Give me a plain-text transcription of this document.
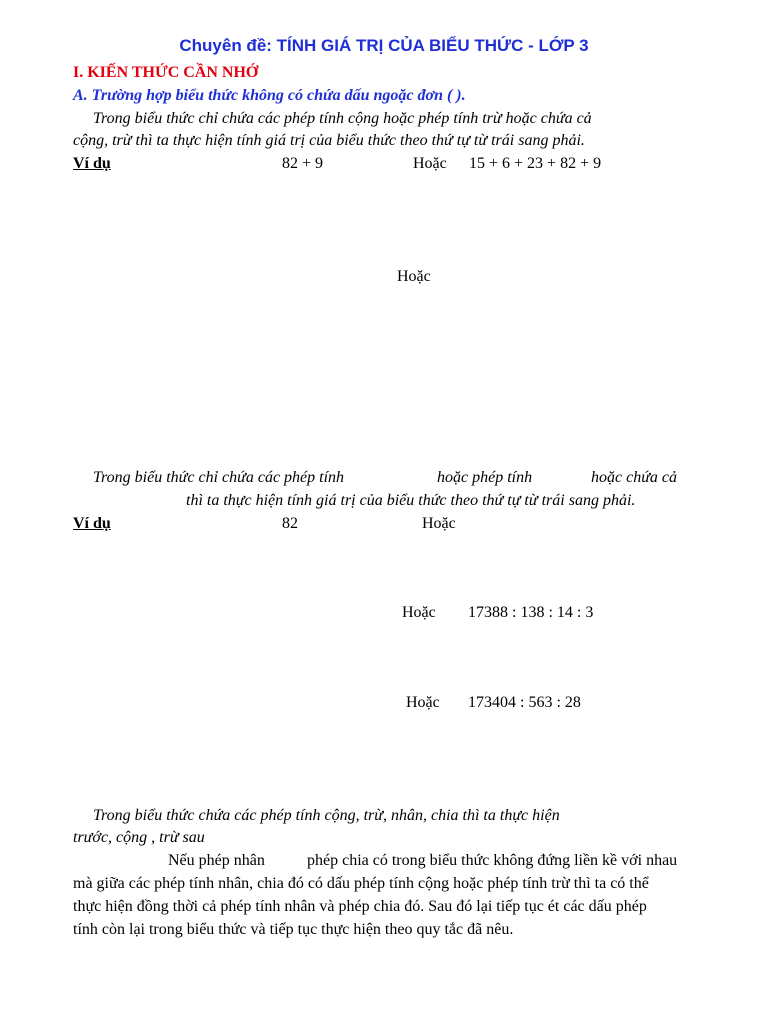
Chuyên đề: TÍNH GIÁ TRỊ CỦA BIỂU THỨC - LỚP 3
I. KIẾN THỨC CẦN NHỚ
A. Trường hợp biểu thức không có chứa dấu ngoặc đơn ( ).
Trong biểu thức chỉ chứa các phép tính cộng hoặc phép tính trừ hoặc chứa cả
cộng, trừ thì ta thực hiện tính giá trị của biểu thức theo thứ tự từ trái sang phải.
Ví dụ	82 + 9	Hoặc 15 + 6 + 23 + 82 + 9
Hoặc
Trong biểu thức chỉ chứa các phép tính	hoặc phép tính	hoặc chứa cả
thì ta thực hiện tính giá trị của biểu thức theo thứ tự từ trái sang phải.
Ví dụ	82	Hoặc
Hoặc 17388 : 138 : 14 : 3
Hoặc 173404 : 563 : 28
Trong biểu thức chứa các phép tính cộng, trừ, nhân, chia thì ta thực hiện
trước, cộng , trừ sau
Nếu phép nhân	phép chia có trong biểu thức không đứng liền kề với nhau
mà giữa các phép tính nhân, chia đó có dấu phép tính cộng hoặc phép tính trừ thì ta có thể
thực hiện đồng thời cả phép tính nhân và phép chia đó. Sau đó lại tiếp tục ét các dấu phép
tính còn lại trong biểu thức và tiếp tục thực hiện theo quy tắc đã nêu.
